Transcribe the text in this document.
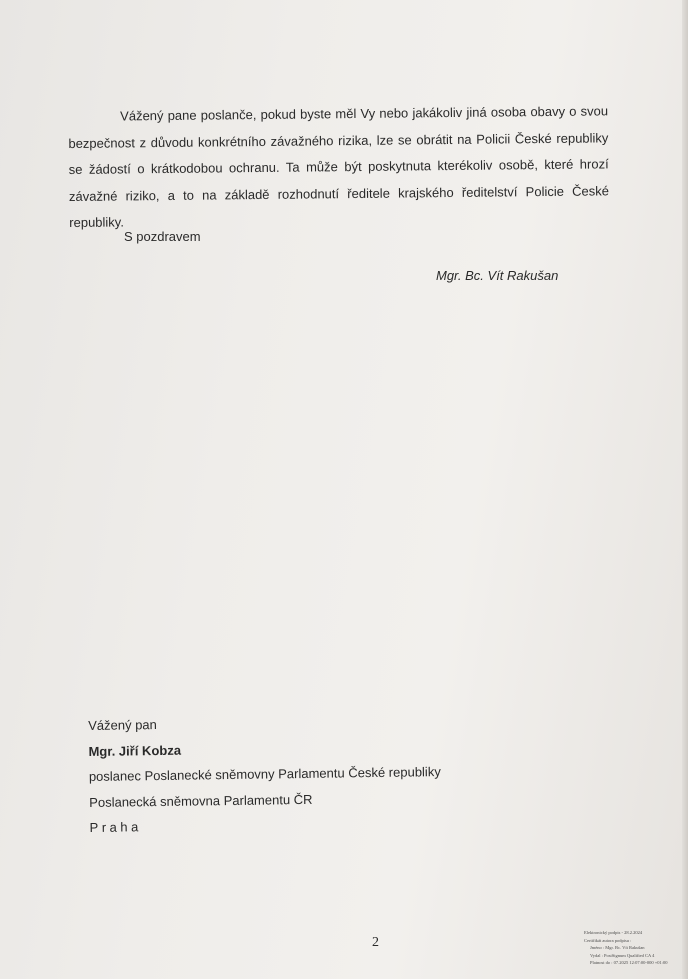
Vážený pane poslanče, pokud byste měl Vy nebo jakákoliv jiná osoba obavy o svou bezpečnost z důvodu konkrétního závažného rizika, lze se obrátit na Policii České republiky se žádostí o krátkodobou ochranu. Ta může být poskytnuta kterékoliv osobě, které hrozí závažné riziko, a to na základě rozhodnutí ředitele krajského ředitelství Policie České republiky.

S pozdravem
Mgr. Bc. Vít Rakušan
Vážený pan
Mgr. Jiří Kobza
poslanec Poslanecké sněmovny Parlamentu České republiky
Poslanecká sněmovna Parlamentu ČR
Praha
2
Elektronický podpis - 28.2.2024
Certifikát autora podpisu :
Jméno : Mgr. Bc. Vít Rakušan
Vydal : PostSignum Qualified CA 4
Platnost do : 07.2025 12:07:00-000 +01:00
